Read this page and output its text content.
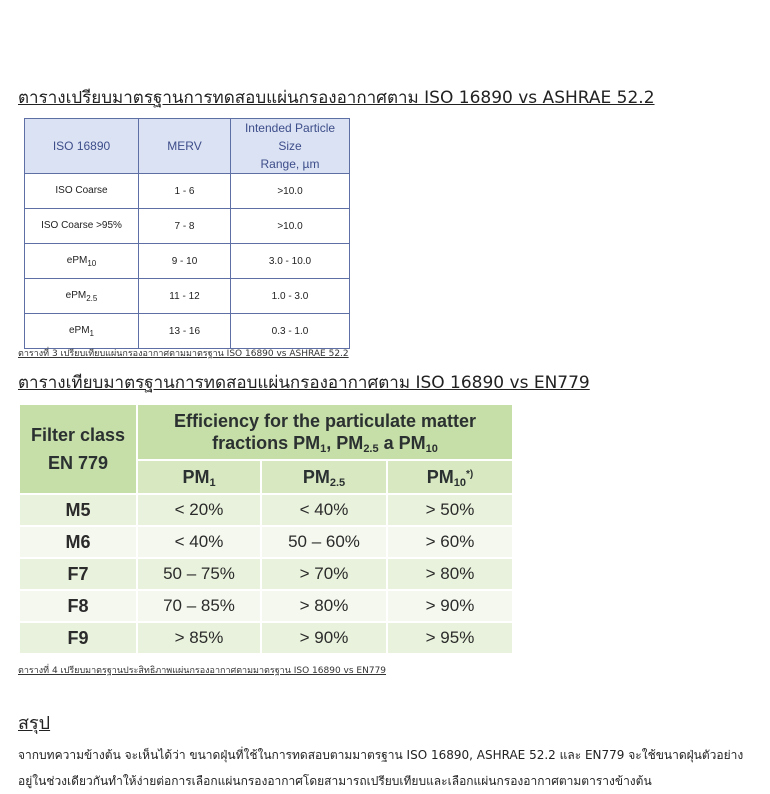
ตารางเปรียบมาตรฐานการทดสอบแผ่นกรองอากาศตาม ISO 16890 vs ASHRAE 52.2
ISO 16890	MERV	Intended Particle Size
Range, µm
ISO Coarse	1 - 6	>10.0
ISO Coarse >95%	7 - 8	>10.0
ePM$_{10}$	9 - 10	3.0 - 10.0
ePM$_{2.5}$	11 - 12	1.0 - 3.0
ePM$_1$	13 - 16	0.3 - 1.0
ตารางที่ 3 เปรียบเทียบแผ่นกรองอากาศตามมาตรฐาน ISO 16890 vs ASHRAE 52.2
ตารางเทียบมาตรฐานการทดสอบแผ่นกรองอากาศตาม ISO 16890 vs EN779
Filter class
EN 779	Efficiency for the particulate matter
fractions $PM_1$, $PM_{2.5}$ a $PM_{10}$
	$PM_1$	$PM_{2.5}$	$PM_{10}^{*)}$
M5	< 20%	< 40%	> 50%
M6	< 40%	50 – 60%	> 60%
F7	50 – 75%	> 70%	> 80%
F8	70 – 85%	> 80%	> 90%
F9	> 85%	> 90%	> 95%
ตารางที่ 4 เปรียบมาตรฐานประสิทธิภาพแผ่นกรองอากาศตามมาตรฐาน ISO 16890 vs EN779
สรุป

จากบทความข้างต้น จะเห็นได้ว่า ขนาดฝุ่นที่ใช้ในการทดสอบตามมาตรฐาน ISO 16890, ASHRAE 52.2 และ EN779 จะใช้ขนาดฝุ่นตัวอย่าง

อยู่ในช่วงเดียวกันทำให้ง่ายต่อการเลือกแผ่นกรองอากาศโดยสามารถเปรียบเทียบและเลือกแผ่นกรองอากาศตามตารางข้างต้น
